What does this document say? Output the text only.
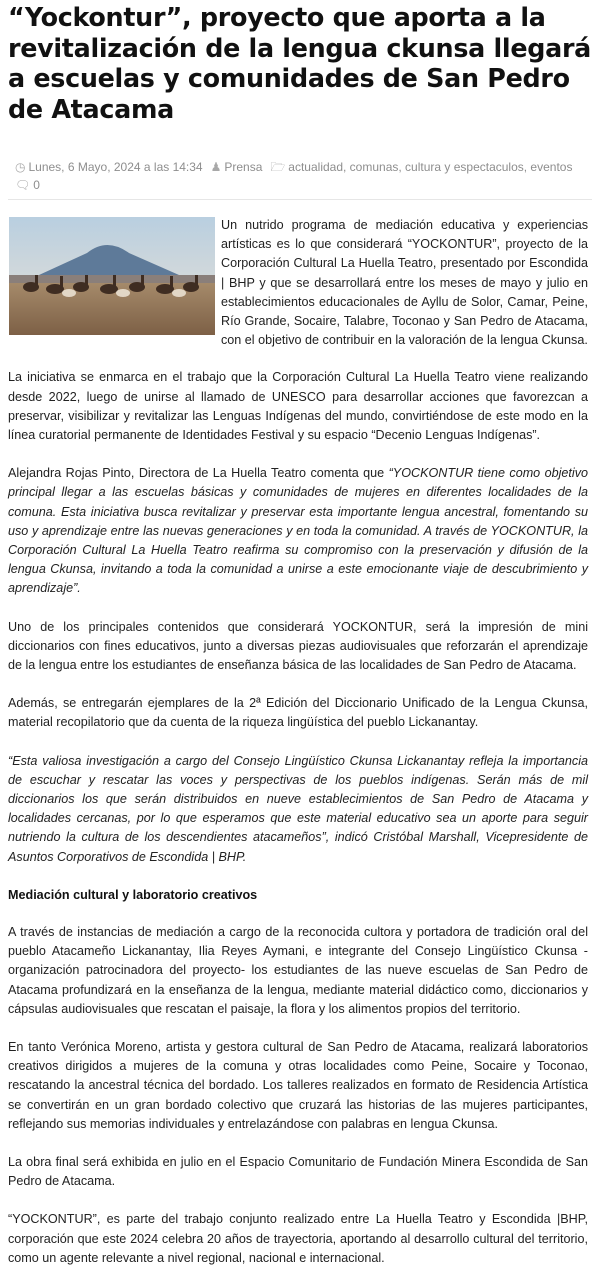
“Yockontur”, proyecto que aporta a la revitalización de la lengua ckunsa llegará a escuelas y comunidades de San Pedro de Atacama
◷ Lunes, 6 Mayo, 2024 a las 14:34 ♟ Prensa 🗁 actualidad, comunas, cultura y espectaculos, eventos
🗨 0

Un nutrido programa de mediación educativa y experiencias artísticas es lo que considerará “YOCKONTUR”, proyecto de la Corporación Cultural La Huella Teatro, presentado por Escondida | BHP y que se desarrollará entre los meses de mayo y julio en establecimientos educacionales de Ayllu de Solor, Camar, Peine, Río Grande, Socaire, Talabre, Toconao y San Pedro de Atacama, con el objetivo de contribuir en la valoración de la lengua Ckunsa.

La iniciativa se enmarca en el trabajo que la Corporación Cultural La Huella Teatro viene realizando desde 2022, luego de unirse al llamado de UNESCO para desarrollar acciones que favorezcan a preservar, visibilizar y revitalizar las Lenguas Indígenas del mundo, convirtiéndose de este modo en la línea curatorial permanente de Identidades Festival y su espacio “Decenio Lenguas Indígenas”.

Alejandra Rojas Pinto, Directora de La Huella Teatro comenta que “YOCKONTUR tiene como objetivo principal llegar a las escuelas básicas y comunidades de mujeres en diferentes localidades de la comuna. Esta iniciativa busca revitalizar y preservar esta importante lengua ancestral, fomentando su uso y aprendizaje entre las nuevas generaciones y en toda la comunidad. A través de YOCKONTUR, la Corporación Cultural La Huella Teatro reafirma su compromiso con la preservación y difusión de la lengua Ckunsa, invitando a toda la comunidad a unirse a este emocionante viaje de descubrimiento y aprendizaje”.

Uno de los principales contenidos que considerará YOCKONTUR, será la impresión de mini diccionarios con fines educativos, junto a diversas piezas audiovisuales que reforzarán el aprendizaje de la lengua entre los estudiantes de enseñanza básica de las localidades de San Pedro de Atacama.

Además, se entregarán ejemplares de la 2ª Edición del Diccionario Unificado de la Lengua Ckunsa, material recopilatorio que da cuenta de la riqueza lingüística del pueblo Lickanantay.

“Esta valiosa investigación a cargo del Consejo Lingüístico Ckunsa Lickanantay refleja la importancia de escuchar y rescatar las voces y perspectivas de los pueblos indígenas. Serán más de mil diccionarios los que serán distribuidos en nueve establecimientos de San Pedro de Atacama y localidades cercanas, por lo que esperamos que este material educativo sea un aporte para seguir nutriendo la cultura de los descendientes atacameños”, indicó Cristóbal Marshall, Vicepresidente de Asuntos Corporativos de Escondida | BHP.

Mediación cultural y laboratorio creativos

A través de instancias de mediación a cargo de la reconocida cultora y portadora de tradición oral del pueblo Atacameño Lickanantay, Ilia Reyes Aymani, e integrante del Consejo Lingüístico Ckunsa - organización patrocinadora del proyecto- los estudiantes de las nueve escuelas de San Pedro de Atacama profundizará en la enseñanza de la lengua, mediante material didáctico como, diccionarios y cápsulas audiovisuales que rescatan el paisaje, la flora y los alimentos propios del territorio.

En tanto Verónica Moreno, artista y gestora cultural de San Pedro de Atacama, realizará laboratorios creativos dirigidos a mujeres de la comuna y otras localidades como Peine, Socaire y Toconao, rescatando la ancestral técnica del bordado. Los talleres realizados en formato de Residencia Artística se convertirán en un gran bordado colectivo que cruzará las historias de las mujeres participantes, reflejando sus memorias individuales y entrelazándose con palabras en lengua Ckunsa.

La obra final será exhibida en julio en el Espacio Comunitario de Fundación Minera Escondida de San Pedro de Atacama.

“YOCKONTUR”, es parte del trabajo conjunto realizado entre La Huella Teatro y Escondida |BHP, corporación que este 2024 celebra 20 años de trayectoria, aportando al desarrollo cultural del territorio, como un agente relevante a nivel regional, nacional e internacional.
